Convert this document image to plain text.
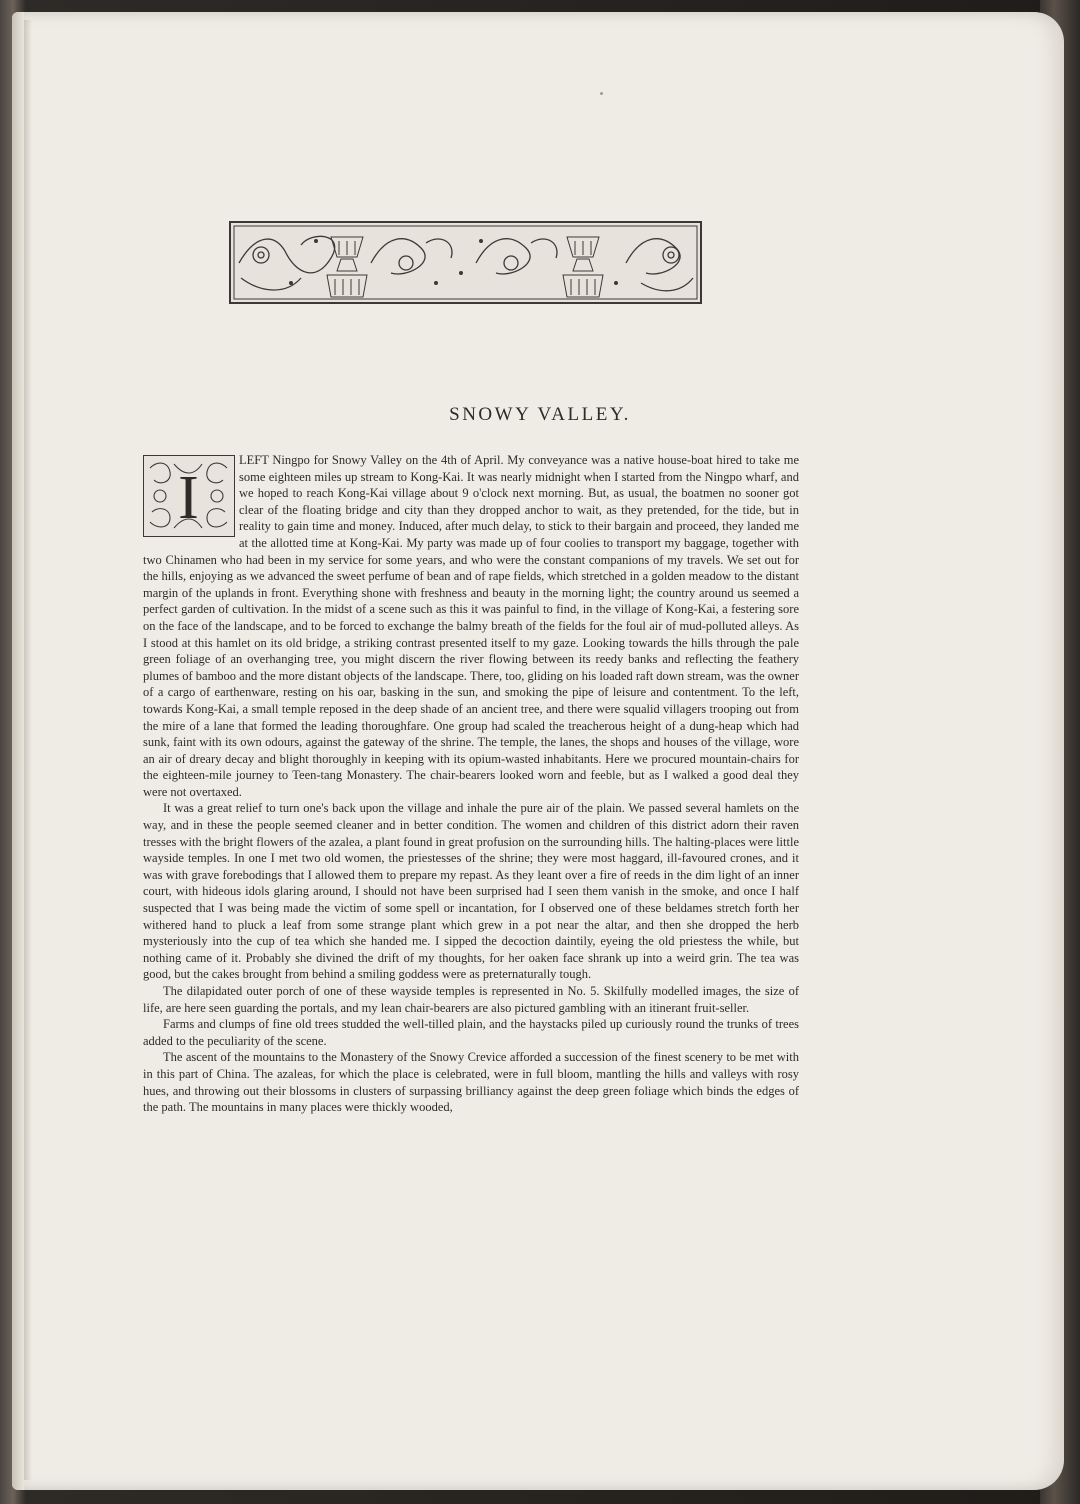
SNOWY VALLEY.
I

LEFT Ningpo for Snowy Valley on the 4th of April. My conveyance was a native house-boat hired to take me some eighteen miles up stream to Kong-Kai. It was nearly midnight when I started from the Ningpo wharf, and we hoped to reach Kong-Kai village about 9 o'clock next morning. But, as usual, the boatmen no sooner got clear of the floating bridge and city than they dropped anchor to wait, as they pretended, for the tide, but in reality to gain time and money. Induced, after much delay, to stick to their bargain and proceed, they landed me at the allotted time at Kong-Kai. My party was made up of four coolies to transport my baggage, together with two Chinamen who had been in my service for some years, and who were the constant companions of my travels. We set out for the hills, enjoying as we advanced the sweet perfume of bean and of rape fields, which stretched in a golden meadow to the distant margin of the uplands in front. Everything shone with freshness and beauty in the morning light; the country around us seemed a perfect garden of cultivation. In the midst of a scene such as this it was painful to find, in the village of Kong-Kai, a festering sore on the face of the landscape, and to be forced to exchange the balmy breath of the fields for the foul air of mud-polluted alleys. As I stood at this hamlet on its old bridge, a striking contrast presented itself to my gaze. Looking towards the hills through the pale green foliage of an overhanging tree, you might discern the river flowing between its reedy banks and reflecting the feathery plumes of bamboo and the more distant objects of the landscape. There, too, gliding on his loaded raft down stream, was the owner of a cargo of earthenware, resting on his oar, basking in the sun, and smoking the pipe of leisure and contentment. To the left, towards Kong-Kai, a small temple reposed in the deep shade of an ancient tree, and there were squalid villagers trooping out from the mire of a lane that formed the leading thoroughfare. One group had scaled the treacherous height of a dung-heap which had sunk, faint with its own odours, against the gateway of the shrine. The temple, the lanes, the shops and houses of the village, wore an air of dreary decay and blight thoroughly in keeping with its opium-wasted inhabitants. Here we procured mountain-chairs for the eighteen-mile journey to Teen-tang Monastery. The chair-bearers looked worn and feeble, but as I walked a good deal they were not overtaxed.

It was a great relief to turn one's back upon the village and inhale the pure air of the plain. We passed several hamlets on the way, and in these the people seemed cleaner and in better condition. The women and children of this district adorn their raven tresses with the bright flowers of the azalea, a plant found in great profusion on the surrounding hills. The halting-places were little wayside temples. In one I met two old women, the priestesses of the shrine; they were most haggard, ill-favoured crones, and it was with grave forebodings that I allowed them to prepare my repast. As they leant over a fire of reeds in the dim light of an inner court, with hideous idols glaring around, I should not have been surprised had I seen them vanish in the smoke, and once I half suspected that I was being made the victim of some spell or incantation, for I observed one of these beldames stretch forth her withered hand to pluck a leaf from some strange plant which grew in a pot near the altar, and then she dropped the herb mysteriously into the cup of tea which she handed me. I sipped the decoction daintily, eyeing the old priestess the while, but nothing came of it. Probably she divined the drift of my thoughts, for her oaken face shrank up into a weird grin. The tea was good, but the cakes brought from behind a smiling goddess were as preternaturally tough.

The dilapidated outer porch of one of these wayside temples is represented in No. 5. Skilfully modelled images, the size of life, are here seen guarding the portals, and my lean chair-bearers are also pictured gambling with an itinerant fruit-seller.

Farms and clumps of fine old trees studded the well-tilled plain, and the haystacks piled up curiously round the trunks of trees added to the peculiarity of the scene.

The ascent of the mountains to the Monastery of the Snowy Crevice afforded a succession of the finest scenery to be met with in this part of China. The azaleas, for which the place is celebrated, were in full bloom, mantling the hills and valleys with rosy hues, and throwing out their blossoms in clusters of surpassing brilliancy against the deep green foliage which binds the edges of the path. The mountains in many places were thickly wooded,
